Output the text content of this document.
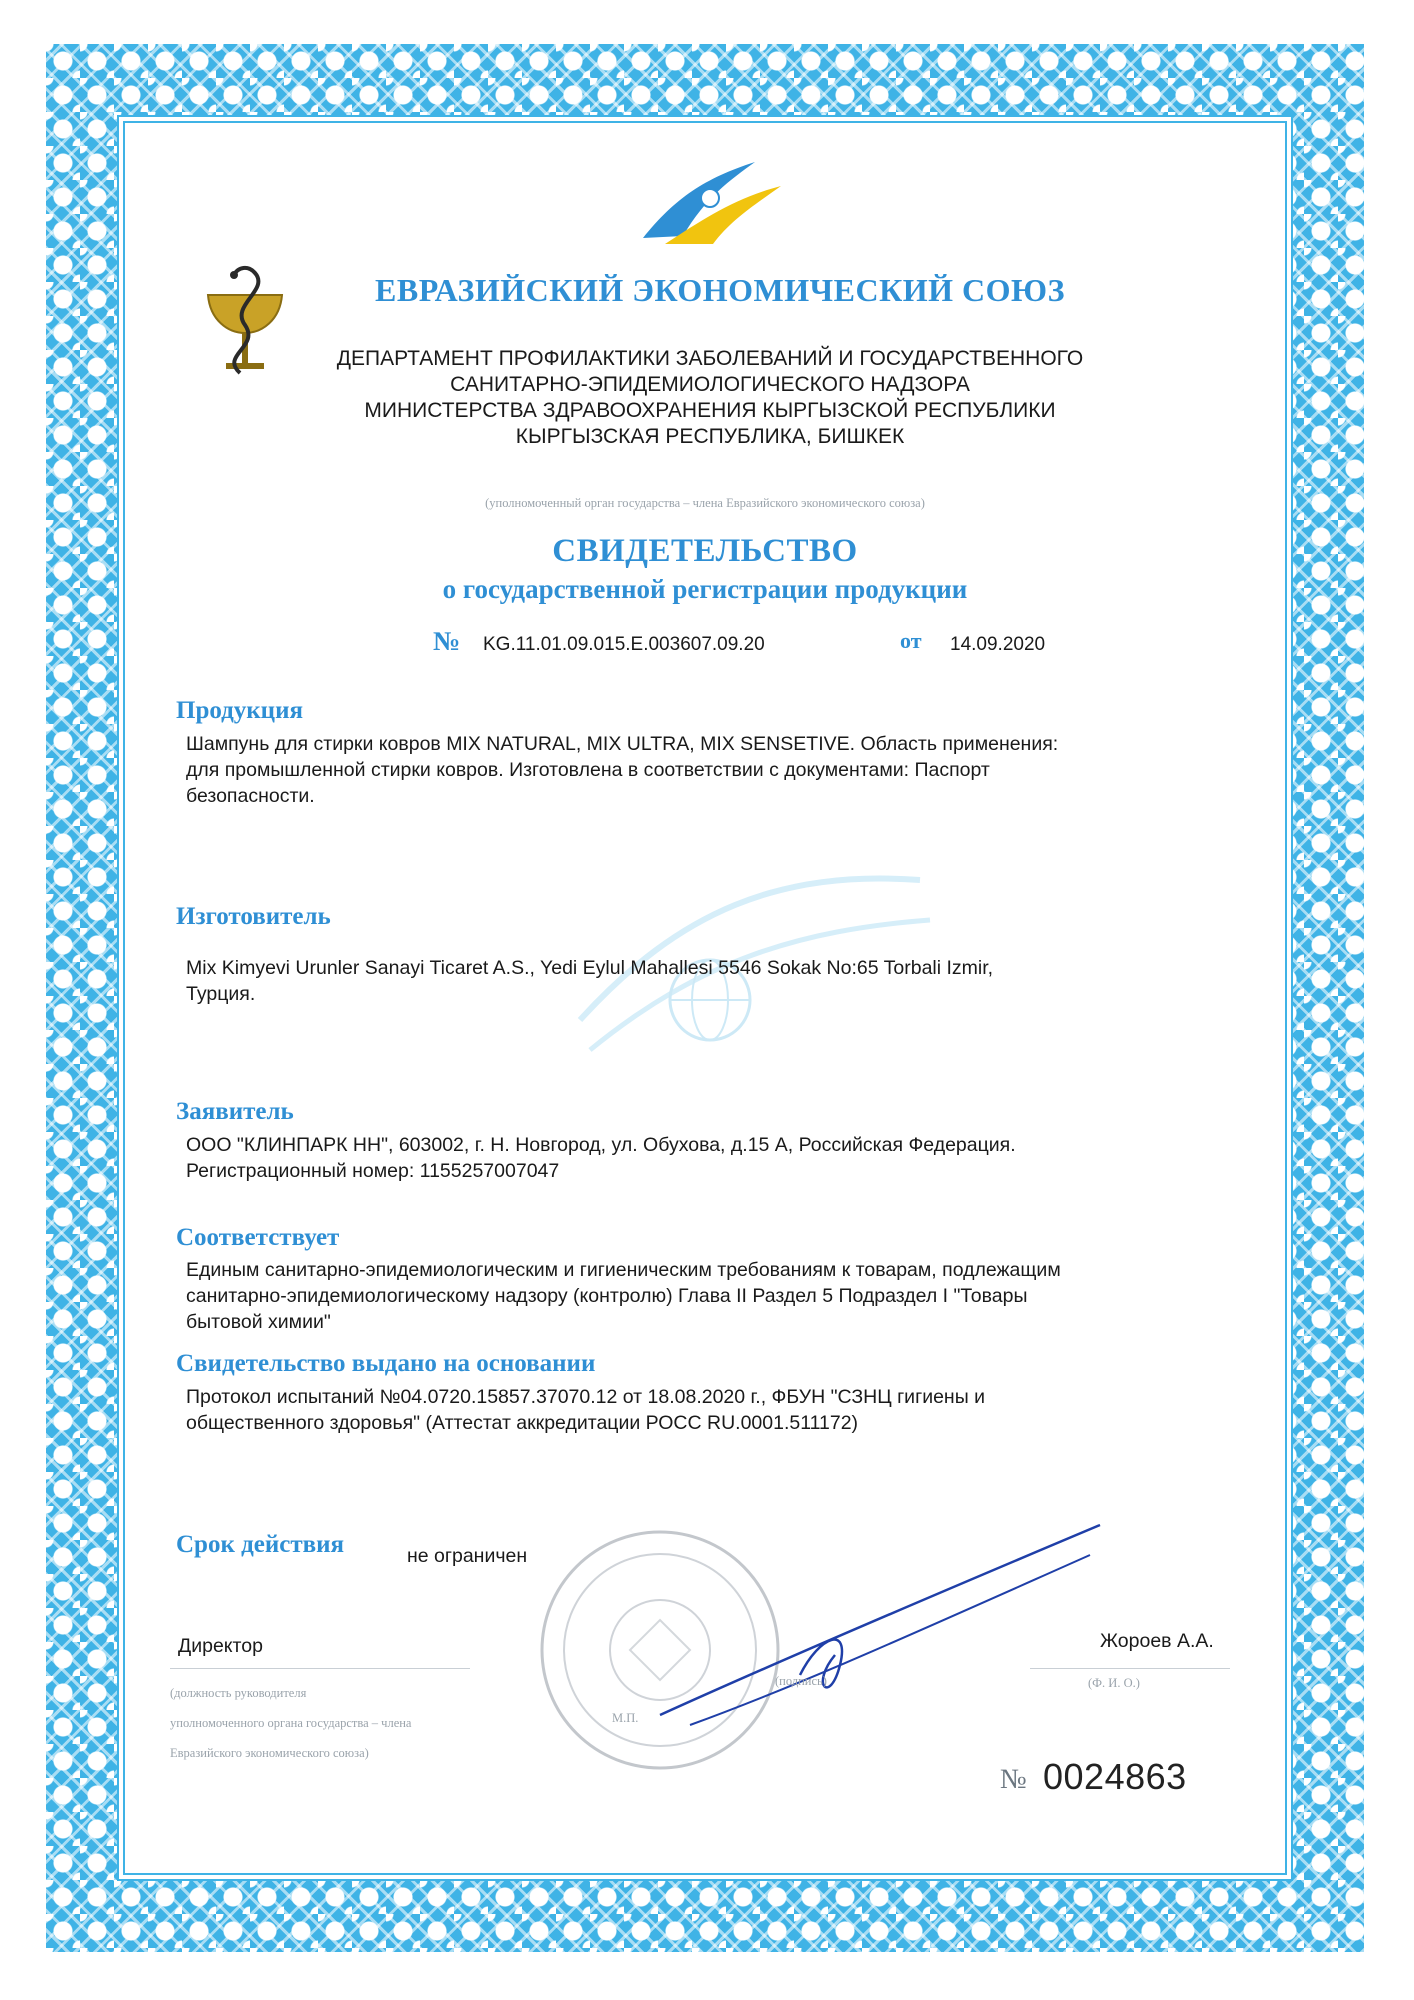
ЕВРАЗИЙСКИЙ ЭКОНОМИЧЕСКИЙ СОЮЗ
ДЕПАРТАМЕНТ ПРОФИЛАКТИКИ ЗАБОЛЕВАНИЙ И ГОСУДАРСТВЕННОГО
САНИТАРНО-ЭПИДЕМИОЛОГИЧЕСКОГО НАДЗОРА
МИНИСТЕРСТВА ЗДРАВООХРАНЕНИЯ КЫРГЫЗСКОЙ РЕСПУБЛИКИ
КЫРГЫЗСКАЯ РЕСПУБЛИКА, БИШКЕК
(уполномоченный орган государства – члена Евразийского экономического союза)
СВИДЕТЕЛЬСТВО
о государственной регистрации продукции
№ KG.11.01.09.015.E.003607.09.20	от 14.09.2020
Продукция
Шампунь для стирки ковров MIX NATURAL, MIX ULTRA, MIX SENSETIVE. Область применения:
для промышленной стирки ковров. Изготовлена в соответствии с документами: Паспорт
безопасности.
Изготовитель
Mix Kimyevi Urunler Sanayi Ticaret A.S., Yedi Eylul Mahallesi 5546 Sokak No:65 Torbali Izmir,
Турция.
Заявитель
ООО "КЛИНПАРК НН", 603002, г. Н. Новгород, ул. Обухова, д.15 А, Российская Федерация.
Регистрационный номер: 1155257007047
Соответствует
Единым санитарно-эпидемиологическим и гигиеническим требованиям к товарам, подлежащим
санитарно-эпидемиологическому надзору (контролю) Глава II Раздел 5 Подраздел I "Товары
бытовой химии"
Свидетельство выдано на основании
Протокол испытаний №04.0720.15857.37070.12 от 18.08.2020 г., ФБУН "СЗНЦ гигиены и
общественного здоровья" (Аттестат аккредитации РОСС RU.0001.511172)
Срок действия	не ограничен
Директор	Жороев А.А.
(должность руководителя
уполномоченного органа государства – члена
Евразийского экономического союза)
(Ф. И. О.)
М.П.
(подпись)
№ 0024863
